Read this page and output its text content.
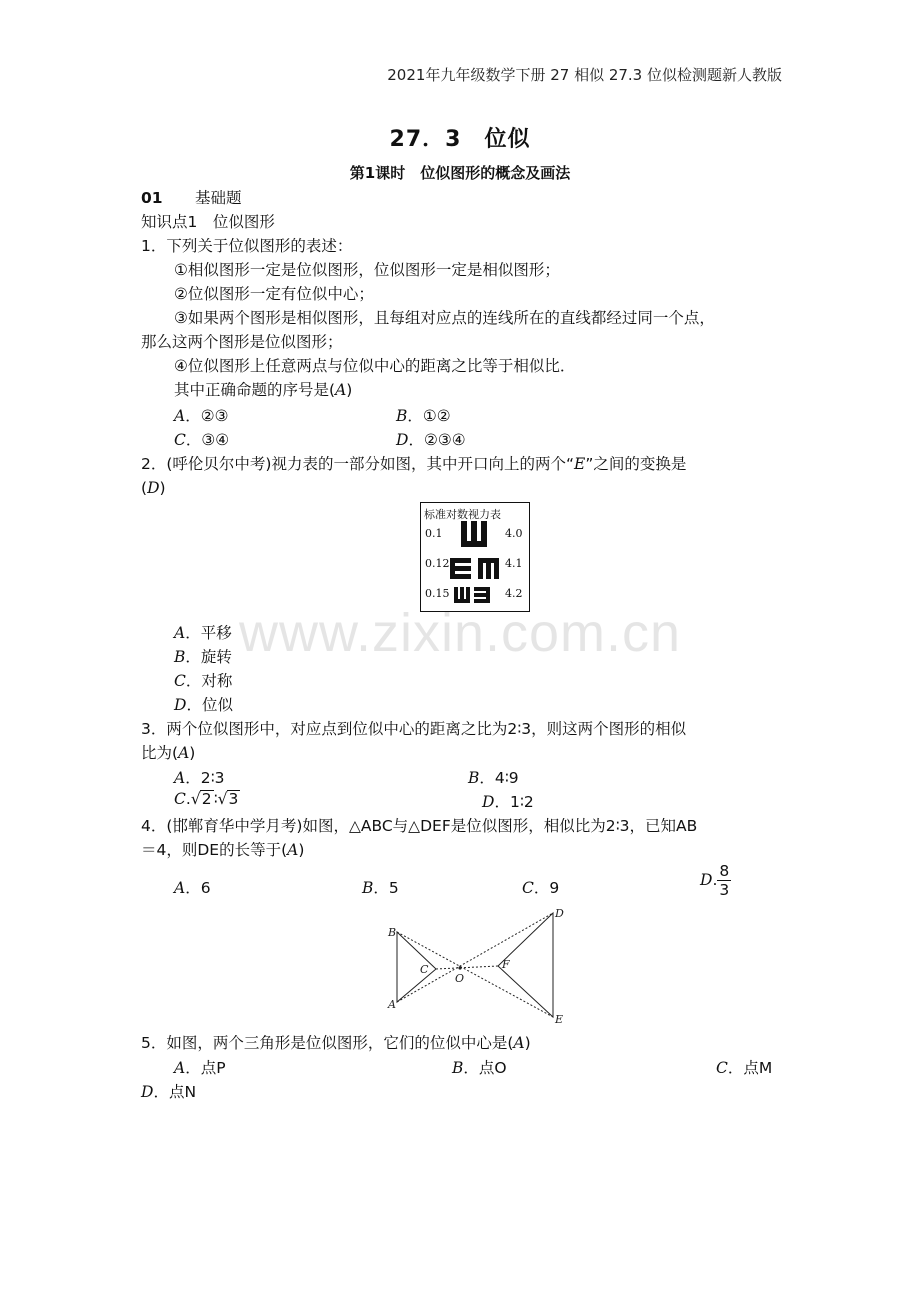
2021年九年级数学下册 27 相似 27.3 位似检测题新人教版
27．3　位似
第1课时　位似图形的概念及画法
01 基础题
知识点1　位似图形
1．下列关于位似图形的表述：
①相似图形一定是位似图形，位似图形一定是相似图形；
②位似图形一定有位似中心；
③如果两个图形是相似图形，且每组对应点的连线所在的直线都经过同一个点，
那么这两个图形是位似图形；
④位似图形上任意两点与位似中心的距离之比等于相似比．
其中正确命题的序号是(A)
A．②③	B．①②
C．③④	D．②③④
2．(呼伦贝尔中考)视力表的一部分如图，其中开口向上的两个“E”之间的变换是
(D)
标准对数视力表
0.1
0.12
0.15
4.0
4.1
4.2
www.zixin.com.cn
A．平移
B．旋转
C．对称
D．位似
3．两个位似图形中，对应点到位似中心的距离之比为2∶3，则这两个图形的相似
比为(A)
A．2∶3	B．4∶9
C.√2 ∶√3	D．1∶2
4．(邯郸育华中学月考)如图，△ABC与△DEF是位似图形，相似比为2∶3，已知AB
＝4，则DE的长等于(A)
A．6	B．5	C．9	D. $\frac{8}{3}$
B
A
C
O
F
D
E
5．如图，两个三角形是位似图形，它们的位似中心是(A)
A．点P	B．点O	C．点M
D．点N
